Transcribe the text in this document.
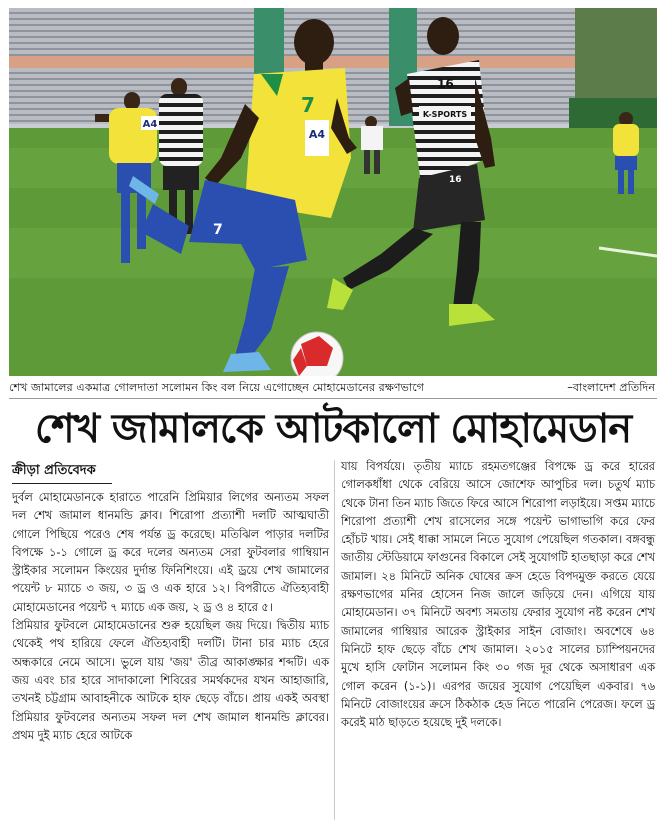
A4
7
A4
7
16
K-SPORTS
16
শেখ জামালের একমাত্র গোলদাতা সলোমন কিং বল নিয়ে এগোচ্ছেন মোহামেডানের রক্ষণভাগে	–বাংলাদেশ প্রতিদিন
শেখ জামালকে আটকালো মোহামেডান
ক্রীড়া প্রতিবেদক

দুর্বল মোহামেডানকে হারাতে পারেনি প্রিমিয়ার লিগের অন্যতম সফল দল শেখ জামাল ধানমন্ডি ক্লাব। শিরোপা প্রত্যাশী দলটি আত্মঘাতী গোলে পিছিয়ে পরেও শেষ পর্যন্ত ড্র করেছে। মতিঝিল পাড়ার দলটির বিপক্ষে ১-১ গোলে ড্র করে দলের অন্যতম সেরা ফুটবলার গাম্বিয়ান স্ট্রাইকার সলোমন কিংয়ের দুর্দান্ত ফিনিশিংয়ে। এই ড্রয়ে শেখ জামালের পয়েন্ট ৮ ম্যাচে ৩ জয়, ৩ ড্র ও এক হারে ১২। বিপরীতে ঐতিহ্যবাহী মোহামেডানের পয়েন্ট ৭ ম্যাচে এক জয়, ২ ড্র ও ৪ হারে ৫।

প্রিমিয়ার ফুটবলে মোহামেডানের শুরু হয়েছিল জয় দিয়ে। দ্বিতীয় ম্যাচ থেকেই পথ হারিয়ে ফেলে ঐতিহ্যবাহী দলটি। টানা চার ম্যাচ হেরে অন্ধকারে নেমে আসে। ভুলে যায় 'জয়' তীব্র আকাঙ্ক্ষার শব্দটি। এক জয় এবং চার হারে সাদাকালো শিবিরের সমর্থকদের যখন আহাজারি, তখনই চট্টগ্রাম আবাহনীকে আটকে হাফ ছেড়ে বাঁচে। প্রায় একই অবস্থা প্রিমিয়ার ফুটবলের অন্যতম সফল দল শেখ জামাল ধানমন্ডি ক্লাবের। প্রথম দুই ম্যাচ হেরে আটকে

যায় বিপর্যয়ে। তৃতীয় ম্যাচে রহমতগঞ্জের বিপক্ষে ড্র করে হারের গোলকধাঁধা থেকে বেরিয়ে আসে জোশেফ আপুচির দল। চতুর্থ ম্যাচ থেকে টানা তিন ম্যাচ জিতে ফিরে আসে শিরোপা লড়াইয়ে। সপ্তম ম্যাচে শিরোপা প্রত্যাশী শেখ রাসেলের সঙ্গে পয়েন্ট ভাগাভাগি করে ফের হোঁচট খায়। সেই ধাক্কা সামলে নিতে সুযোগ পেয়েছিল গতকাল। বঙ্গবন্ধু জাতীয় স্টেডিয়ামে ফাগুনের বিকালে সেই সুযোগটি হাতছাড়া করে শেখ জামাল। ২৪ মিনিটে অনিক ঘোষের ক্রস হেডে বিপদমুক্ত করতে যেয়ে রক্ষণভাগের মনির হোসেন নিজ জালে জড়িয়ে দেন। এগিয়ে যায় মোহামেডান। ৩৭ মিনিটে অবশ্য সমতায় ফেরার সুযোগ নষ্ট করেন শেখ জামালের গাম্বিয়ার আরেক স্ট্রাইকার সাইন বোজাং। অবশেষে ৬৪ মিনিটে হাফ ছেড়ে বাঁচে শেখ জামাল। ২০১৫ সালের চ্যাম্পিয়নদের মুখে হাসি ফোটান সলোমন কিং ৩০ গজ দূর থেকে অসাধারণ এক গোল করেন (১-১)। এরপর জয়ের সুযোগ পেয়েছিল একবার। ৭৬ মিনিটে বোজাংয়ের ক্রসে ঠিকঠাক হেড নিতে পারেনি পেরেজ। ফলে ড্র করেই মাঠ ছাড়তে হয়েছে দুই দলকে।
